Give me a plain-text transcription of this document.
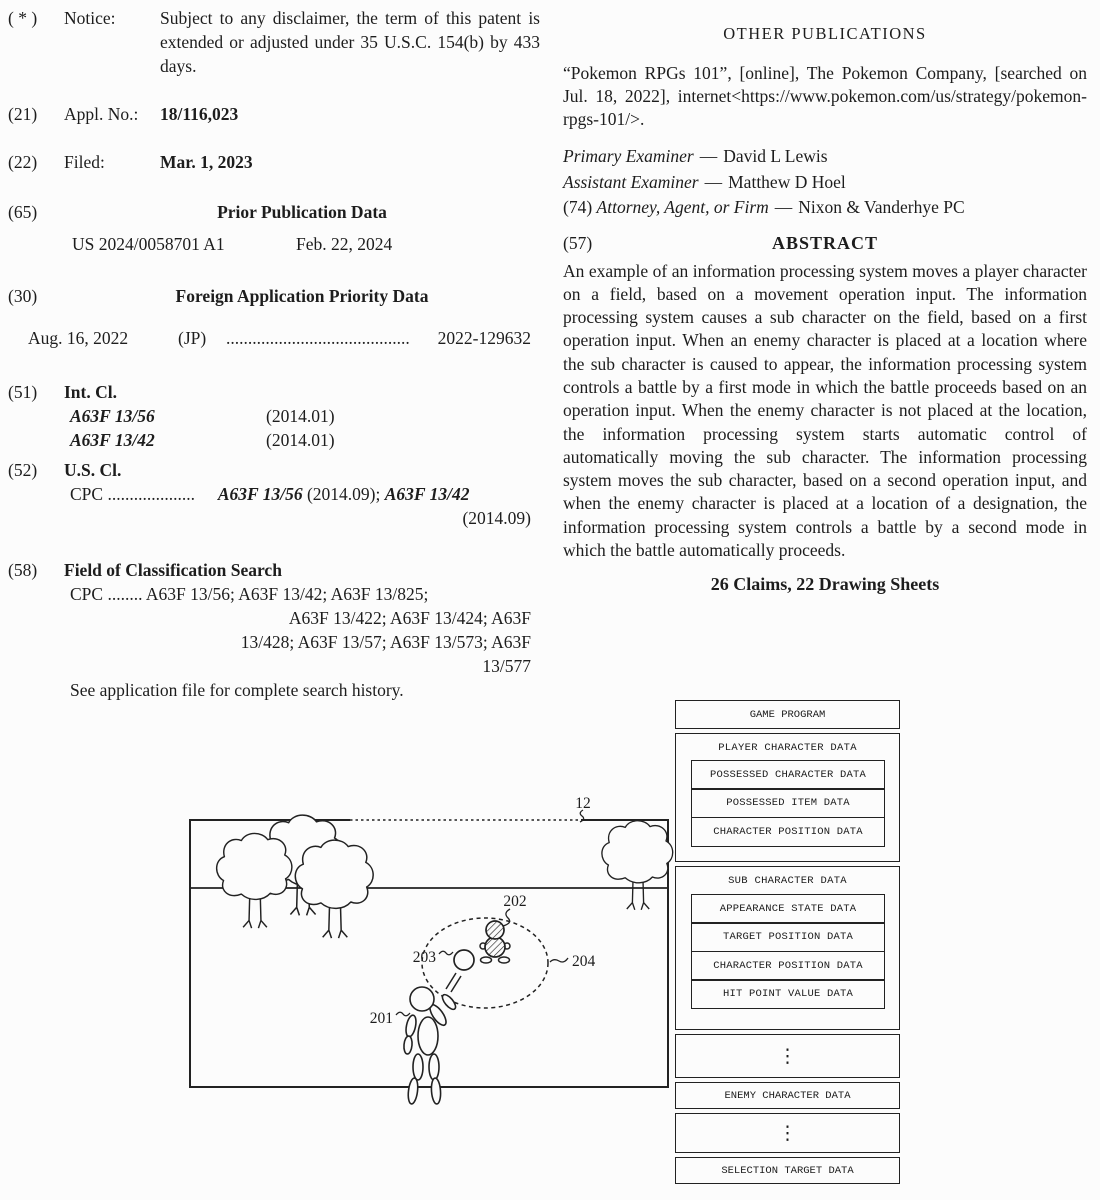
( * )	Notice:	Subject to any disclaimer, the term of this patent is extended or adjusted under 35 U.S.C. 154(b) by 433 days.
(21)	Appl. No.:	18/116,023
(22)	Filed:	Mar. 1, 2023
(65)	Prior Publication Data
US 2024/0058701 A1	Feb. 22, 2024
(30)	Foreign Application Priority Data
Aug. 16, 2022	(JP)	..........................................	2022-129632
(51)	Int. Cl.
A63F 13/56	(2014.01)
A63F 13/42	(2014.01)
(52)	U.S. Cl.
CPC .................... A63F 13/56 (2014.09); A63F 13/42
(2014.09)
(58)	Field of Classification Search
CPC ........ A63F 13/56; A63F 13/42; A63F 13/825;
A63F 13/422; A63F 13/424; A63F
13/428; A63F 13/57; A63F 13/573; A63F
13/577
See application file for complete search history.
OTHER PUBLICATIONS
“Pokemon RPGs 101”, [online], The Pokemon Company, [searched on Jul. 18, 2022], internet<https://www.pokemon.com/us/strategy/pokemon-rpgs-101/>.
Primary Examiner — David L Lewis
Assistant Examiner — Matthew D Hoel
(74) Attorney, Agent, or Firm — Nixon & Vanderhye PC
(57)	ABSTRACT
An example of an information processing system moves a player character on a field, based on a movement operation input. The information processing system causes a sub character on the field, based on a first operation input. When an enemy character is placed at a location where the sub character is caused to appear, the information processing system controls a battle by a first mode in which the battle proceeds based on an operation input. When the enemy character is not placed at the location, the information processing system starts automatic control of automatically moving the sub character. The information processing system moves the sub character, based on a second operation input, and when the enemy character is placed at a location of a designation, the information processing system controls a battle by a second mode in which the battle automatically proceeds.
26 Claims, 22 Drawing Sheets
12
202
203	204
201
GAME PROGRAM
PLAYER CHARACTER DATA
POSSESSED CHARACTER DATA
POSSESSED ITEM DATA
CHARACTER POSITION DATA
SUB CHARACTER DATA
APPEARANCE STATE DATA
TARGET POSITION DATA
CHARACTER POSITION DATA
HIT POINT VALUE DATA
⋮
ENEMY CHARACTER DATA
⋮
SELECTION TARGET DATA
